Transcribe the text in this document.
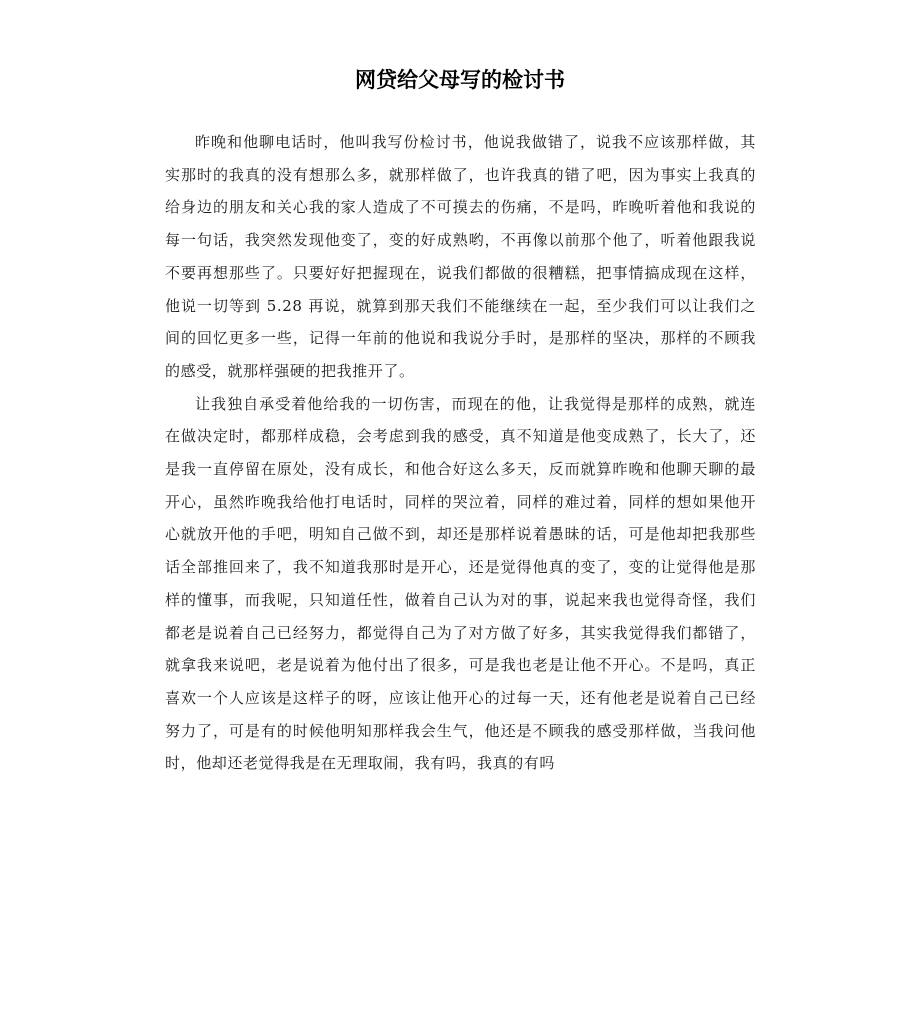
网贷给父母写的检讨书

昨晚和他聊电话时，他叫我写份检讨书，他说我做错了，说我不应该那样做，其实那时的我真的没有想那么多，就那样做了，也许我真的错了吧，因为事实上我真的给身边的朋友和关心我的家人造成了不可摸去的伤痛，不是吗，昨晚听着他和我说的每一句话，我突然发现他变了，变的好成熟哟，不再像以前那个他了，听着他跟我说不要再想那些了。只要好好把握现在，说我们都做的很糟糕，把事情搞成现在这样，他说一切等到 5.28 再说，就算到那天我们不能继续在一起，至少我们可以让我们之间的回忆更多一些，记得一年前的他说和我说分手时，是那样的坚决，那样的不顾我的感受，就那样强硬的把我推开了。

让我独自承受着他给我的一切伤害，而现在的他，让我觉得是那样的成熟，就连在做决定时，都那样成稳，会考虑到我的感受，真不知道是他变成熟了，长大了，还是我一直停留在原处，没有成长，和他合好这么多天，反而就算昨晚和他聊天聊的最开心，虽然昨晚我给他打电话时，同样的哭泣着，同样的难过着，同样的想如果他开心就放开他的手吧，明知自己做不到，却还是那样说着愚昧的话，可是他却把我那些话全部推回来了，我不知道我那时是开心，还是觉得他真的变了，变的让觉得他是那样的懂事，而我呢，只知道任性，做着自己认为对的事，说起来我也觉得奇怪，我们都老是说着自己已经努力，都觉得自己为了对方做了好多，其实我觉得我们都错了，就拿我来说吧，老是说着为他付出了很多，可是我也老是让他不开心。不是吗，真正喜欢一个人应该是这样子的呀，应该让他开心的过每一天，还有他老是说着自己已经努力了，可是有的时候他明知那样我会生气，他还是不顾我的感受那样做，当我问他时，他却还老觉得我是在无理取闹，我有吗，我真的有吗
